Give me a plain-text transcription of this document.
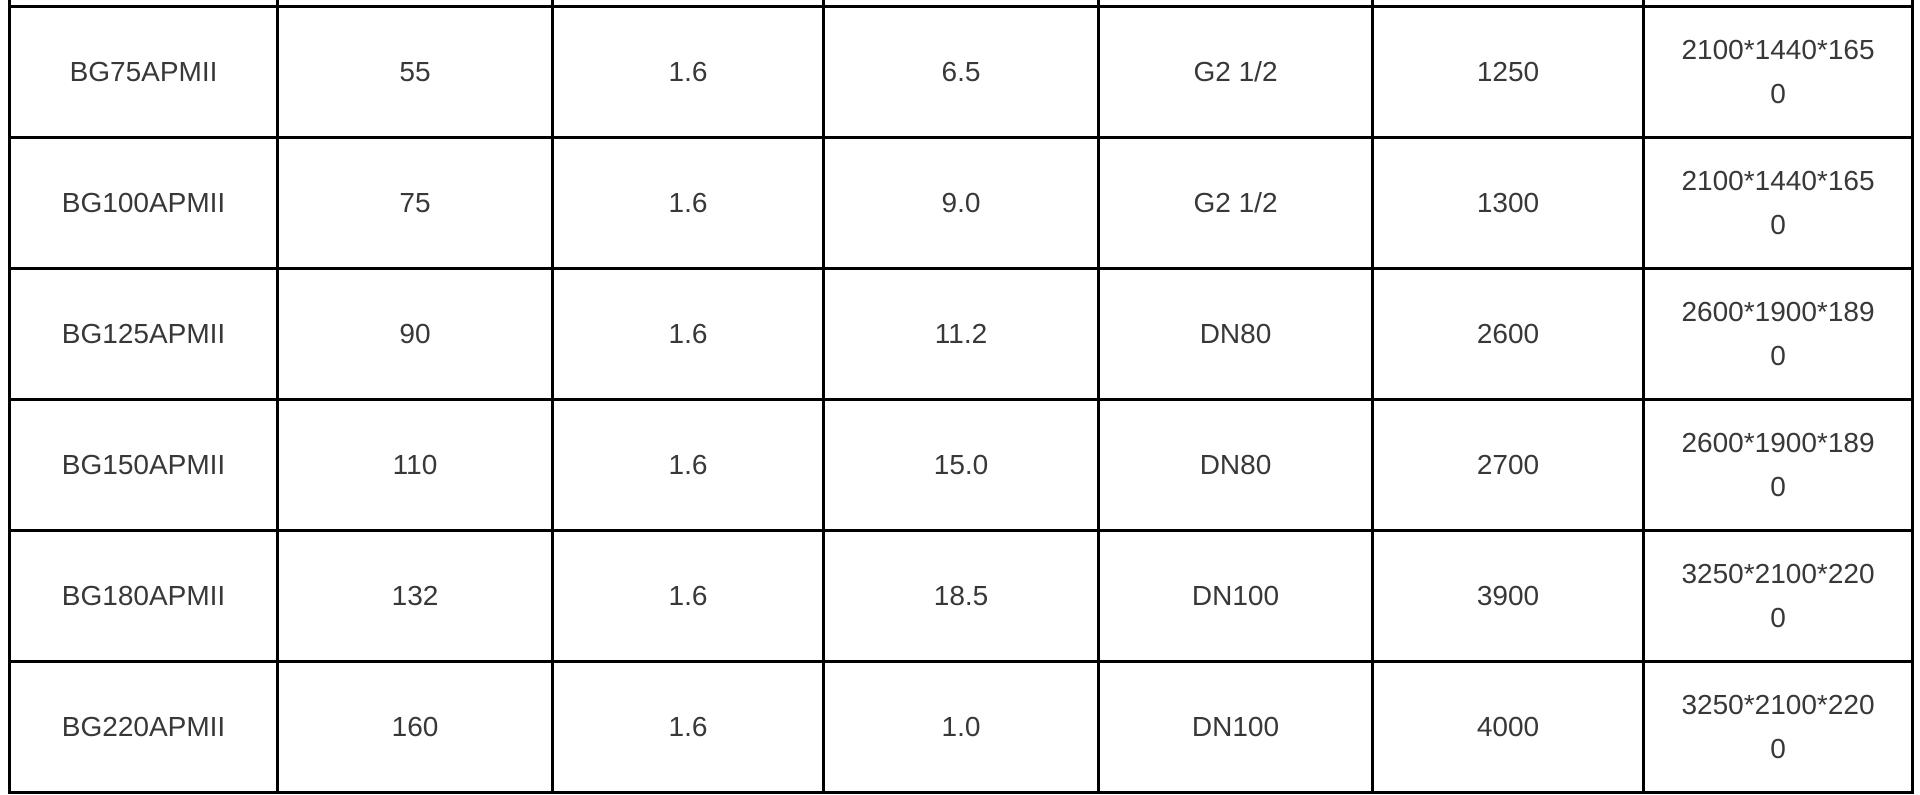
BG75APMII	55	1.6	6.5	G2 1/2	1250	2100*1440*1650
BG100APMII	75	1.6	9.0	G2 1/2	1300	2100*1440*1650
BG125APMII	90	1.6	11.2	DN80	2600	2600*1900*1890
BG150APMII	110	1.6	15.0	DN80	2700	2600*1900*1890
BG180APMII	132	1.6	18.5	DN100	3900	3250*2100*2200
BG220APMII	160	1.6	1.0	DN100	4000	3250*2100*2200
